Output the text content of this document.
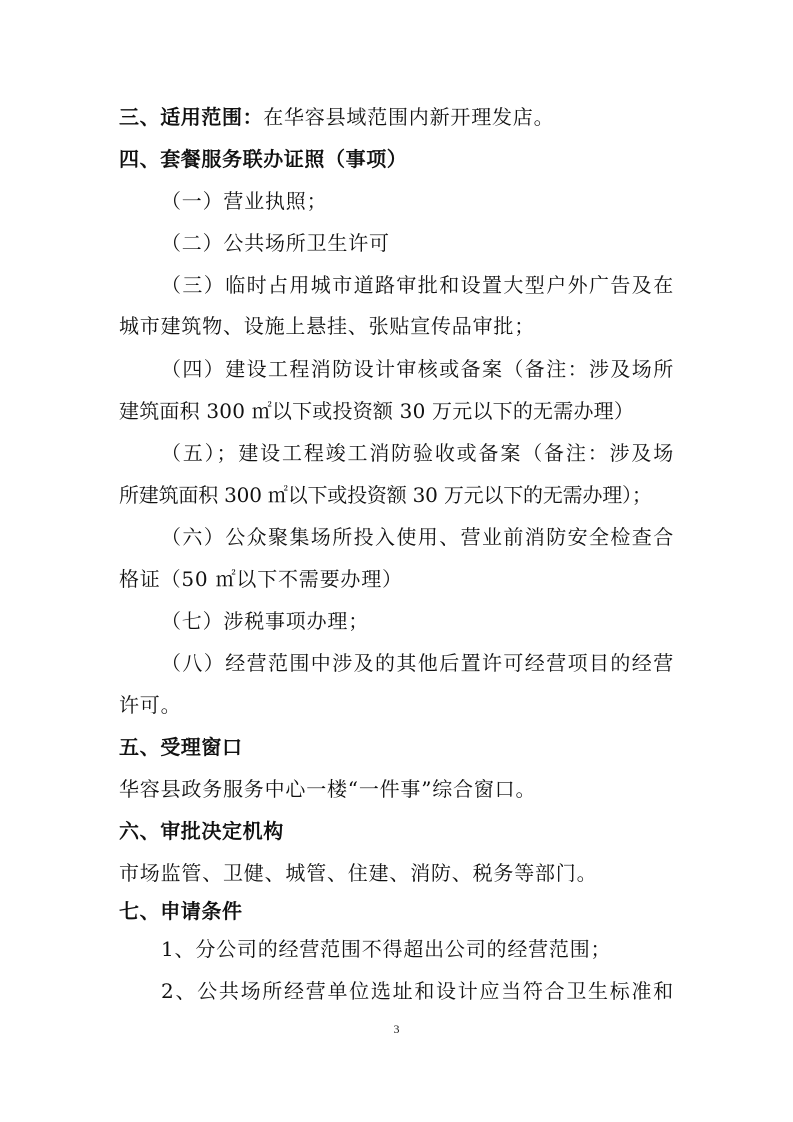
三、适用范围：在华容县域范围内新开理发店。
四、套餐服务联办证照（事项）
（一）营业执照；
（二）公共场所卫生许可
（三）临时占用城市道路审批和设置大型户外广告及在
城市建筑物、设施上悬挂、张贴宣传品审批；
（四）建设工程消防设计审核或备案（备注：涉及场所
建筑面积 300 ㎡以下或投资额 30 万元以下的无需办理）
（五）；建设工程竣工消防验收或备案（备注：涉及场
所建筑面积 300 ㎡以下或投资额 30 万元以下的无需办理）；
（六）公众聚集场所投入使用、营业前消防安全检查合
格证（50 ㎡以下不需要办理）
（七）涉税事项办理；
（八）经营范围中涉及的其他后置许可经营项目的经营
许可。
五、受理窗口
华容县政务服务中心一楼“一件事”综合窗口。
六、审批决定机构
市场监管、卫健、城管、住建、消防、税务等部门。
七、申请条件
1、分公司的经营范围不得超出公司的经营范围；
2、公共场所经营单位选址和设计应当符合卫生标准和
3
